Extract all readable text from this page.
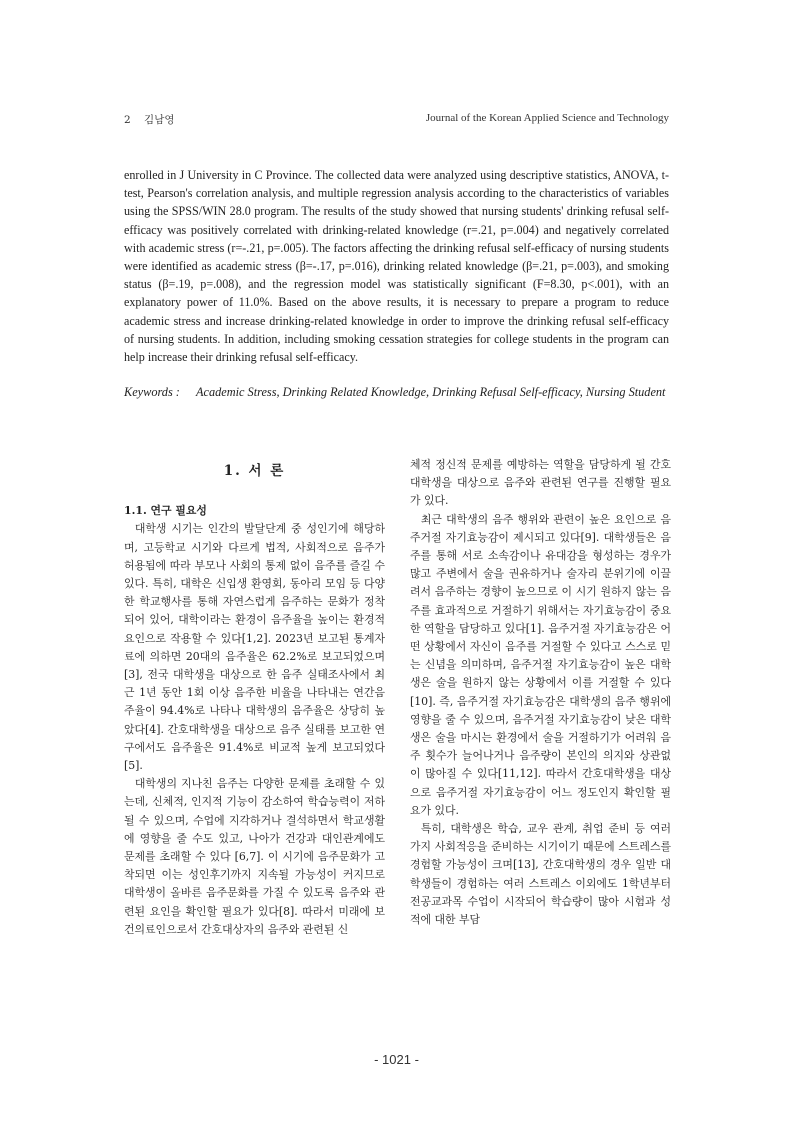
2 김남영	Journal of the Korean Applied Science and Technology
enrolled in J University in C Province. The collected data were analyzed using descriptive statistics, ANOVA, t-test, Pearson's correlation analysis, and multiple regression analysis according to the characteristics of variables using the SPSS/WIN 28.0 program. The results of the study showed that nursing students' drinking refusal self-efficacy was positively correlated with drinking-related knowledge (r=.21, p=.004) and negatively correlated with academic stress (r=-.21, p=.005). The factors affecting the drinking refusal self-efficacy of nursing students were identified as academic stress (β=-.17, p=.016), drinking related knowledge (β=.21, p=.003), and smoking status (β=.19, p=.008), and the regression model was statistically significant (F=8.30, p<.001), with an explanatory power of 11.0%. Based on the above results, it is necessary to prepare a program to reduce academic stress and increase drinking-related knowledge in order to improve the drinking refusal self-efficacy of nursing students. In addition, including smoking cessation strategies for college students in the program can help increase their drinking refusal self-efficacy.
Keywords : Academic Stress, Drinking Related Knowledge, Drinking Refusal Self-efficacy, Nursing Student
1. 서 론
1.1. 연구 필요성

대학생 시기는 인간의 발달단계 중 성인기에 해당하며, 고등학교 시기와 다르게 법적, 사회적으로 음주가 허용됨에 따라 부모나 사회의 통제 없이 음주를 즐길 수 있다. 특히, 대학은 신입생 환영회, 동아리 모임 등 다양한 학교행사를 통해 자연스럽게 음주하는 문화가 정착되어 있어, 대학이라는 환경이 음주율을 높이는 환경적 요인으로 작용할 수 있다[1,2]. 2023년 보고된 통계자료에 의하면 20대의 음주율은 62.2%로 보고되었으며 [3], 전국 대학생을 대상으로 한 음주 실태조사에서 최근 1년 동안 1회 이상 음주한 비율을 나타내는 연간음주율이 94.4%로 나타나 대학생의 음주율은 상당히 높았다[4]. 간호대학생을 대상으로 음주 실태를 보고한 연구에서도 음주율은 91.4%로 비교적 높게 보고되었다[5].

대학생의 지나친 음주는 다양한 문제를 초래할 수 있는데, 신체적, 인지적 기능이 감소하여 학습능력이 저하될 수 있으며, 수업에 지각하거나 결석하면서 학교생활에 영향을 줄 수도 있고, 나아가 건강과 대인관계에도 문제를 초래할 수 있다 [6,7]. 이 시기에 음주문화가 고착되면 이는 성인후기까지 지속될 가능성이 커지므로 대학생이 올바른 음주문화를 가질 수 있도록 음주와 관련된 요인을 확인할 필요가 있다[8]. 따라서 미래에 보건의료인으로서 간호대상자의 음주와 관련된 신

체적 정신적 문제를 예방하는 역할을 담당하게 될 간호대학생을 대상으로 음주와 관련된 연구를 진행할 필요가 있다.

최근 대학생의 음주 행위와 관련이 높은 요인으로 음주거절 자기효능감이 제시되고 있다[9]. 대학생들은 음주를 통해 서로 소속감이나 유대감을 형성하는 경우가 많고 주변에서 술을 권유하거나 술자리 분위기에 이끌려서 음주하는 경향이 높으므로 이 시기 원하지 않는 음주를 효과적으로 거절하기 위해서는 자기효능감이 중요한 역할을 담당하고 있다[1]. 음주거절 자기효능감은 어떤 상황에서 자신이 음주를 거절할 수 있다고 스스로 믿는 신념을 의미하며, 음주거절 자기효능감이 높은 대학생은 술을 원하지 않는 상황에서 이를 거절할 수 있다[10]. 즉, 음주거절 자기효능감은 대학생의 음주 행위에 영향을 줄 수 있으며, 음주거절 자기효능감이 낮은 대학생은 술을 마시는 환경에서 술을 거절하기가 어려워 음주 횟수가 늘어나거나 음주량이 본인의 의지와 상관없이 많아질 수 있다[11,12]. 따라서 간호대학생을 대상으로 음주거절 자기효능감이 어느 정도인지 확인할 필요가 있다.

특히, 대학생은 학습, 교우 관계, 취업 준비 등 여러 가지 사회적응을 준비하는 시기이기 때문에 스트레스를 경험할 가능성이 크며[13], 간호대학생의 경우 일반 대학생들이 경험하는 여러 스트레스 이외에도 1학년부터 전공교과목 수업이 시작되어 학습량이 많아 시험과 성적에 대한 부담

- 1021 -
